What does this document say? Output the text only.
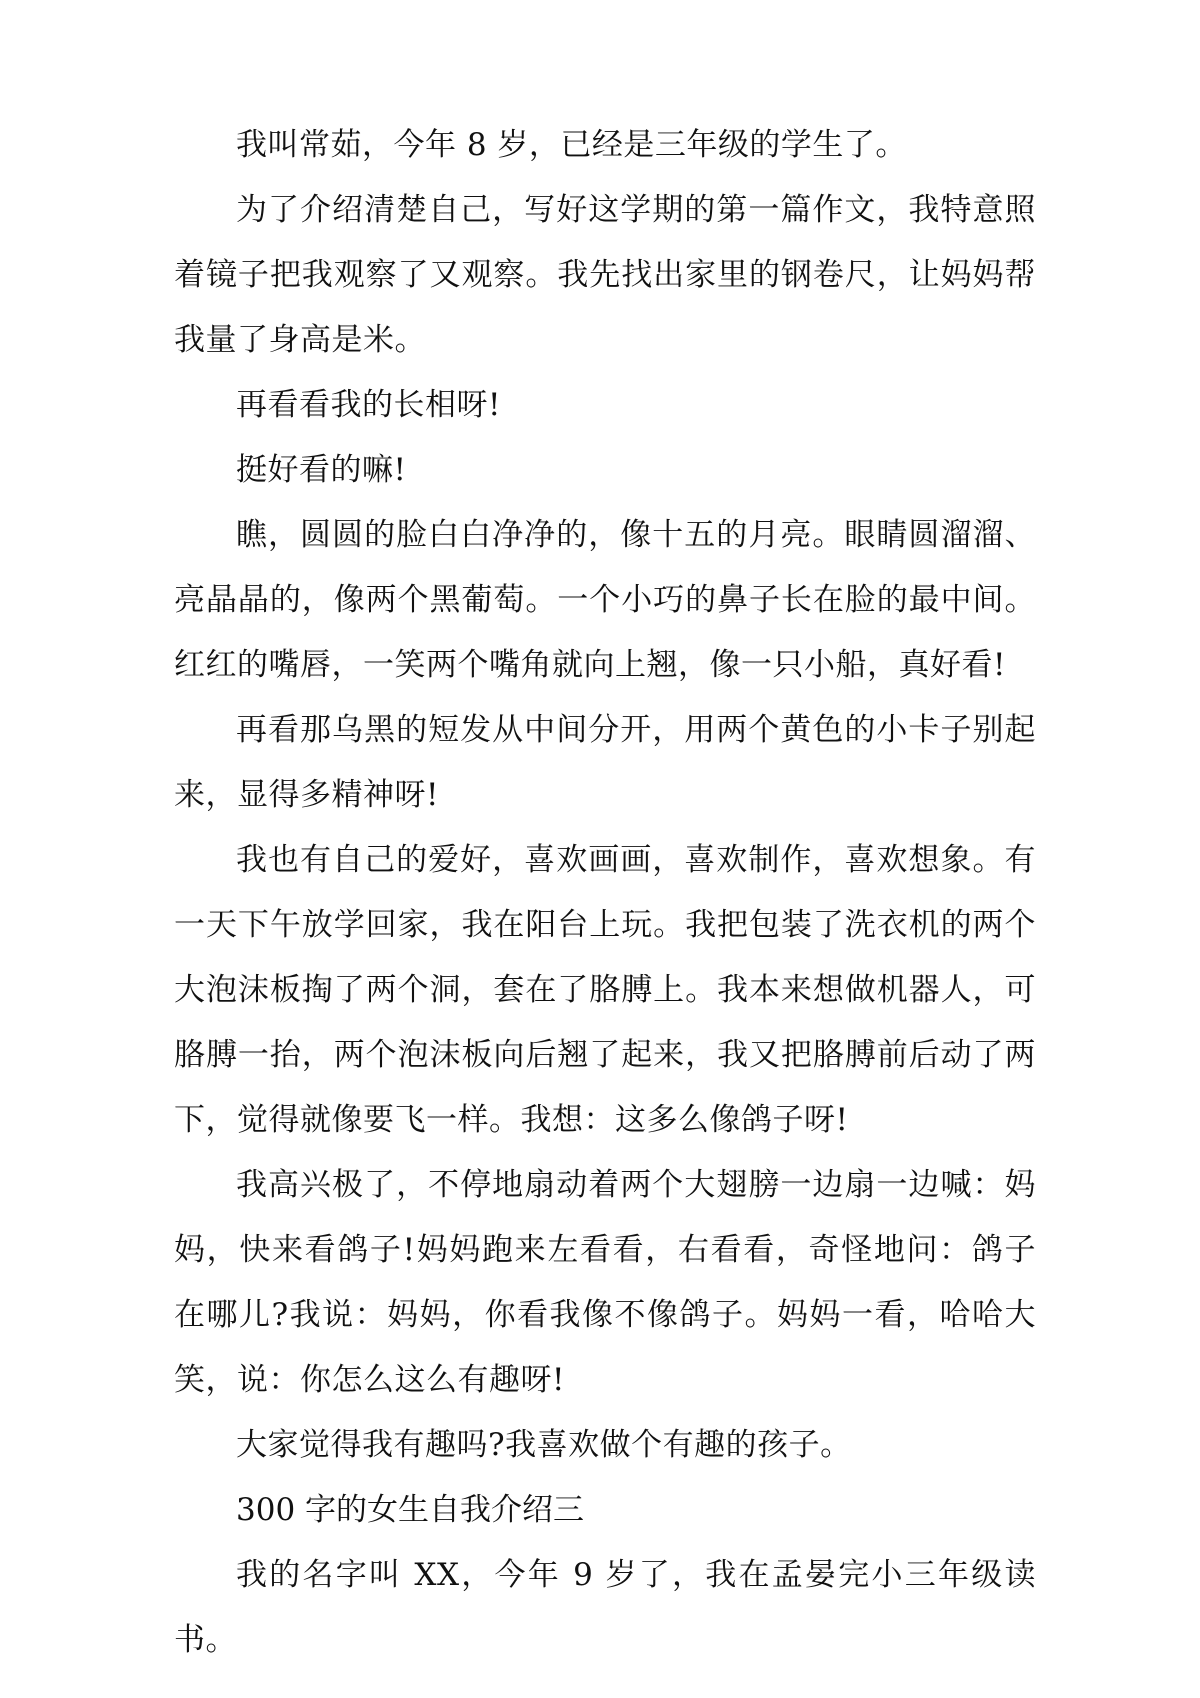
我叫常茹，今年 8 岁，已经是三年级的学生了。

为了介绍清楚自己，写好这学期的第一篇作文，我特意照着镜子把我观察了又观察。我先找出家里的钢卷尺，让妈妈帮我量了身高是米。

再看看我的长相呀!

挺好看的嘛!

瞧，圆圆的脸白白净净的，像十五的月亮。眼睛圆溜溜、亮晶晶的，像两个黑葡萄。一个小巧的鼻子长在脸的最中间。红红的嘴唇，一笑两个嘴角就向上翘，像一只小船，真好看!

再看那乌黑的短发从中间分开，用两个黄色的小卡子别起来，显得多精神呀!

我也有自己的爱好，喜欢画画，喜欢制作，喜欢想象。有一天下午放学回家，我在阳台上玩。我把包装了洗衣机的两个大泡沫板掏了两个洞，套在了胳膊上。我本来想做机器人，可胳膊一抬，两个泡沫板向后翘了起来，我又把胳膊前后动了两下，觉得就像要飞一样。我想：这多么像鸽子呀!

我高兴极了，不停地扇动着两个大翅膀一边扇一边喊：妈妈，快来看鸽子!妈妈跑来左看看，右看看，奇怪地问：鸽子在哪儿?我说：妈妈，你看我像不像鸽子。妈妈一看，哈哈大笑，说：你怎么这么有趣呀!

大家觉得我有趣吗?我喜欢做个有趣的孩子。

300 字的女生自我介绍三

我的名字叫 XX，今年 9 岁了，我在孟晏完小三年级读书。
